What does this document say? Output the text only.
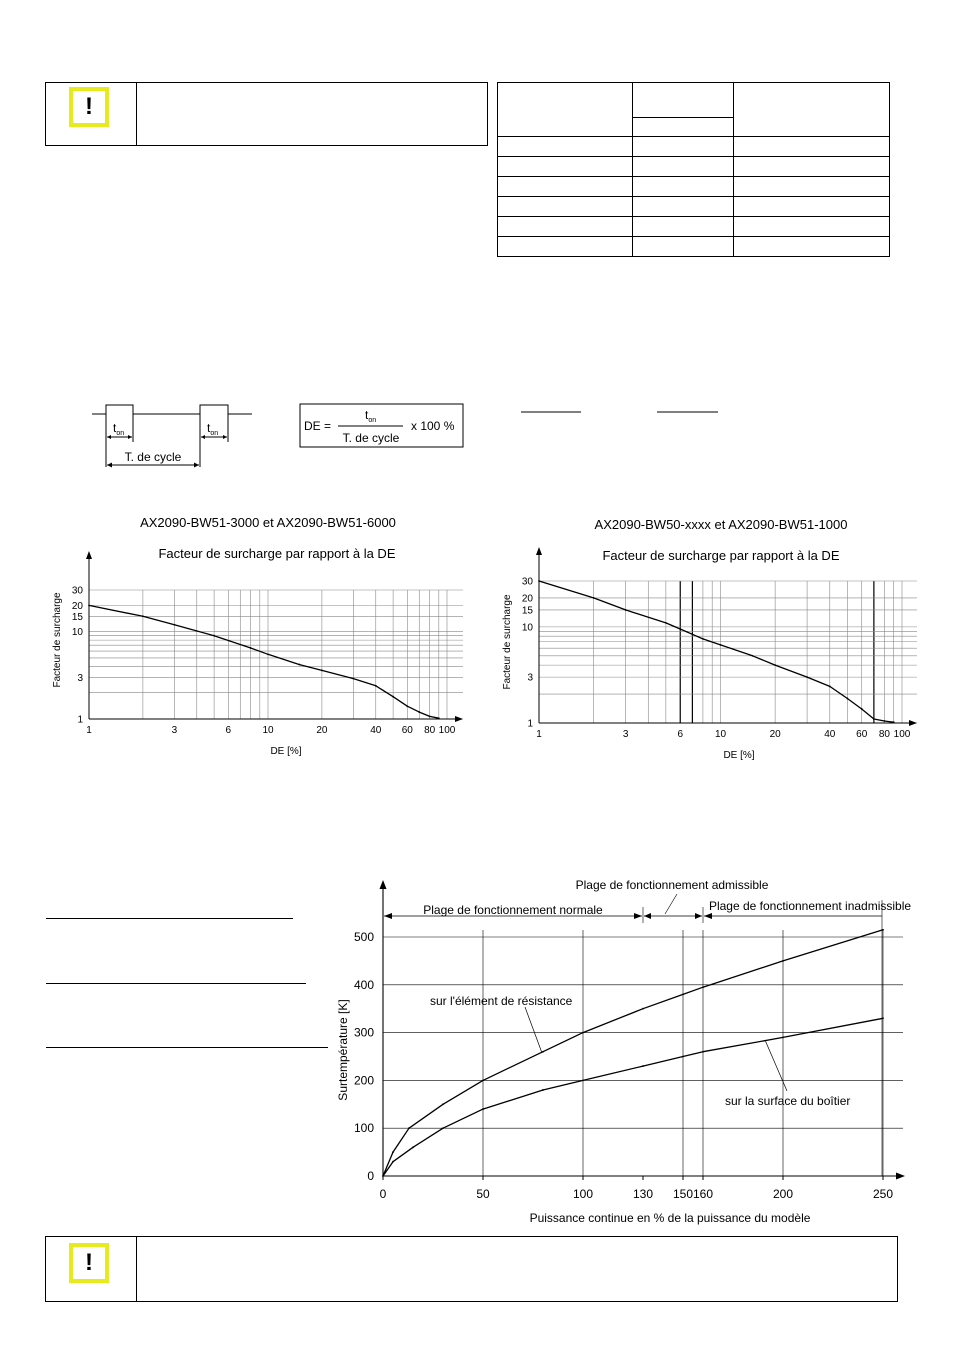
!

$t_{on}$	$t_{on}$
T. de cycle
DE =
$t_{on}$
T. de cycle
x 100 %
AX2090-BW51-3000 et AX2090-BW51-6000
Facteur de surcharge par rapport à la DE
DE [%]
Facteur de surcharge
1	3	6	10	20	40 60 80 100
30
20
15
10
3
1
AX2090-BW50-xxxx et AX2090-BW51-1000
Facteur de surcharge par rapport à la DE
DE [%]
Facteur de surcharge
1	3	6	10	20	40 60 80 100
30
20
15
10
3
1
0	50	100	130 150 160	200	250
0
100
200
300
400
500
Plage de fonctionnement admissible
Plage de fonctionnement normale	Plage de fonctionnement inadmissible
sur l'élément de résistance
sur la surface du boîtier
Surtempérature [K]
Puissance continue en % de la puissance du modèle
!
